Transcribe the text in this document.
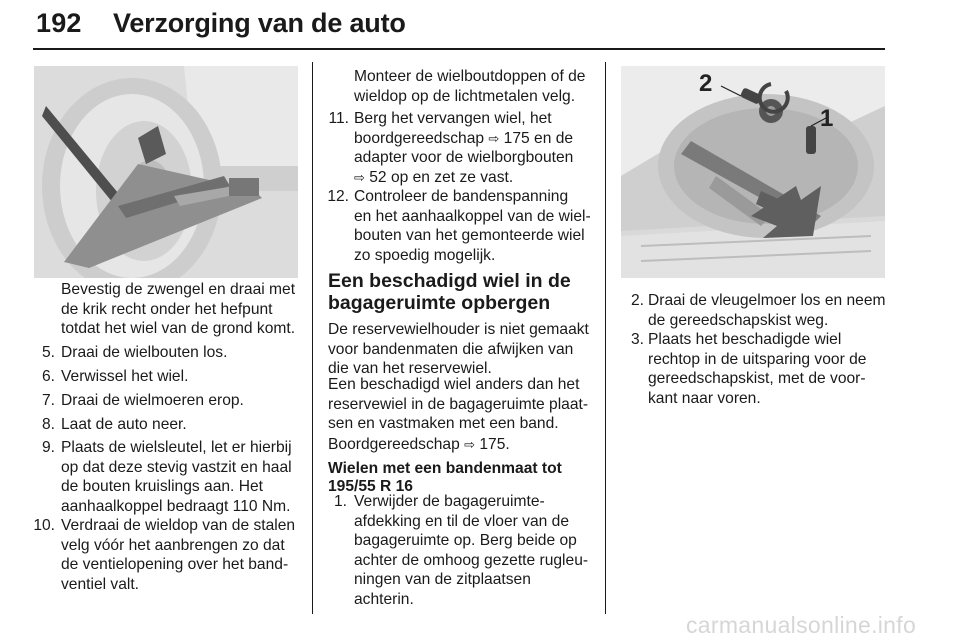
192 Verzorging van de auto
Bevestig de zwengel en draai met
de krik recht onder het hefpunt
totdat het wiel van de grond komt.
5. Draai de wielbouten los.
6. Verwissel het wiel.
7. Draai de wielmoeren erop.
8. Laat de auto neer.
9. Plaats de wielsleutel, let er hierbij
op dat deze stevig vastzit en haal
de bouten kruislings aan. Het
aanhaalkoppel bedraagt 110 Nm.
10. Verdraai de wieldop van de stalen
velg vóór het aanbrengen zo dat
de ventielopening over het band-
ventiel valt.
Monteer de wielboutdoppen of de
wieldop op de lichtmetalen velg.
11. Berg het vervangen wiel, het
boordgereedschap ⇨ 175 en de
adapter voor de wielborgbouten
⇨ 52 op en zet ze vast.
12. Controleer de bandenspanning
en het aanhaalkoppel van de wiel-
bouten van het gemonteerde wiel
zo spoedig mogelijk.
Een beschadigd wiel in de
bagageruimte opbergen
De reservewielhouder is niet gemaakt
voor bandenmaten die afwijken van
die van het reservewiel.
Een beschadigd wiel anders dan het
reservewiel in de bagageruimte plaat-
sen en vastmaken met een band.
Boordgereedschap ⇨ 175.
Wielen met een bandenmaat tot
195/55 R 16
1. Verwijder de bagageruimte-
afdekking en til de vloer van de
bagageruimte op. Berg beide op
achter de omhoog gezette rugleu-
ningen van de zitplaatsen
achterin.
2
1
2. Draai de vleugelmoer los en neem
de gereedschapskist weg.
3. Plaats het beschadigde wiel
rechtop in de uitsparing voor de
gereedschapskist, met de voor-
kant naar voren.
carmanualsonline.info
